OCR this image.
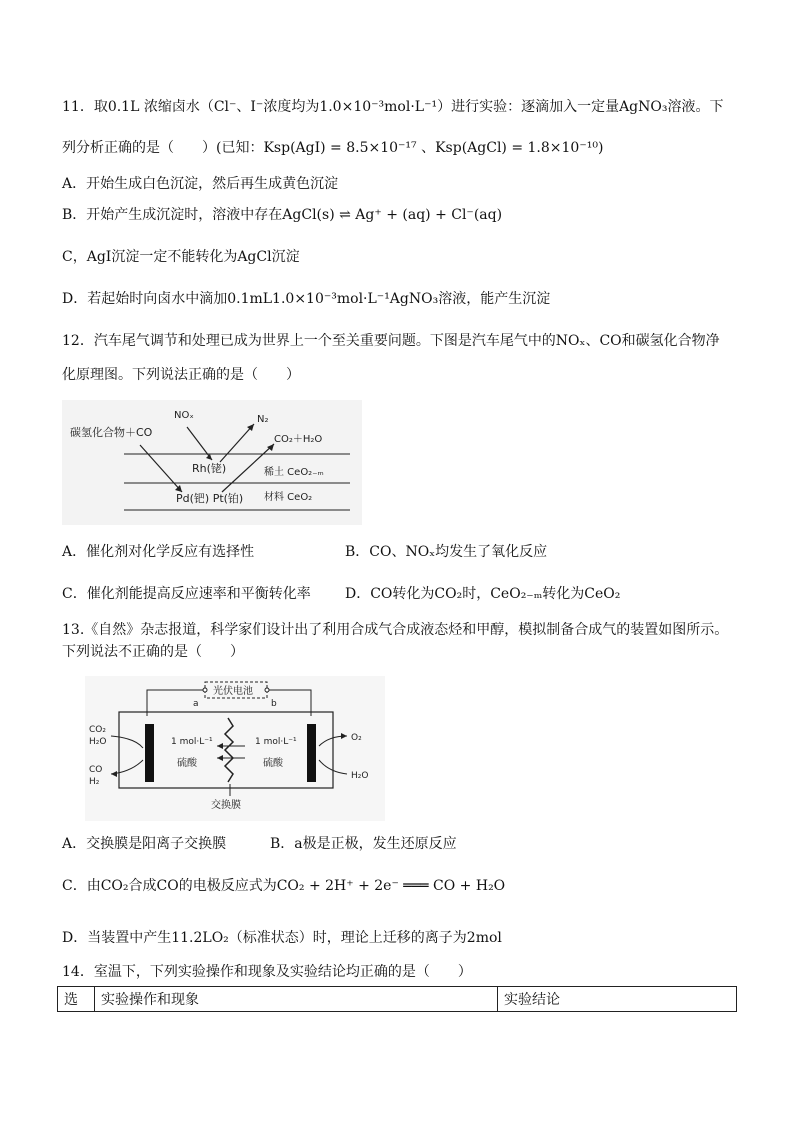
11．取0.1L 浓缩卤水（Cl⁻、I⁻浓度均为1.0×10⁻³mol·L⁻¹）进行实验：逐滴加入一定量AgNO₃溶液。下
列分析正确的是（　　）(已知：Ksp(AgI) = 8.5×10⁻¹⁷ 、Ksp(AgCl) = 1.8×10⁻¹⁰)
A．开始生成白色沉淀，然后再生成黄色沉淀
B．开始产生成沉淀时，溶液中存在AgCl(s) ⇌ Ag⁺ + (aq) + Cl⁻(aq)
C，AgI沉淀一定不能转化为AgCl沉淀
D．若起始时向卤水中滴加0.1mL1.0×10⁻³mol·L⁻¹AgNO₃溶液，能产生沉淀
12．汽车尾气调节和处理已成为世界上一个至关重要问题。下图是汽车尾气中的NOₓ、CO和碳氢化合物净
化原理图。下列说法正确的是（　　）
碳氢化合物＋CO
NOₓ	N₂
CO₂＋H₂O
Rh(铑)	稀土 CeO₂₋ₘ
Pd(钯) Pt(铂) 材料 CeO₂
A．催化剂对化学反应有选择性	B．CO、NOₓ均发生了氧化反应
C．催化剂能提高反应速率和平衡转化率 D．CO转化为CO₂时，CeO₂₋ₘ转化为CeO₂
13.《自然》杂志报道，科学家们设计出了利用合成气合成液态烃和甲醇，模拟制备合成气的装置如图所示。
下列说法不正确的是（　　）
光伏电池
a	b
1 mol·L⁻¹
硫酸
1 mol·L⁻¹
硫酸
CO₂
H₂O
CO
H₂
O₂
H₂O
交换膜
A．交换膜是阳离子交换膜	B．a极是正极，发生还原反应
C．由CO₂合成CO的电极反应式为CO₂ + 2H⁺ + 2e⁻ ═══ CO + H₂O
D．当装置中产生11.2LO₂（标准状态）时，理论上迁移的离子为2mol
14．室温下，下列实验操作和现象及实验结论均正确的是（　　）
选	实验操作和现象	实验结论
